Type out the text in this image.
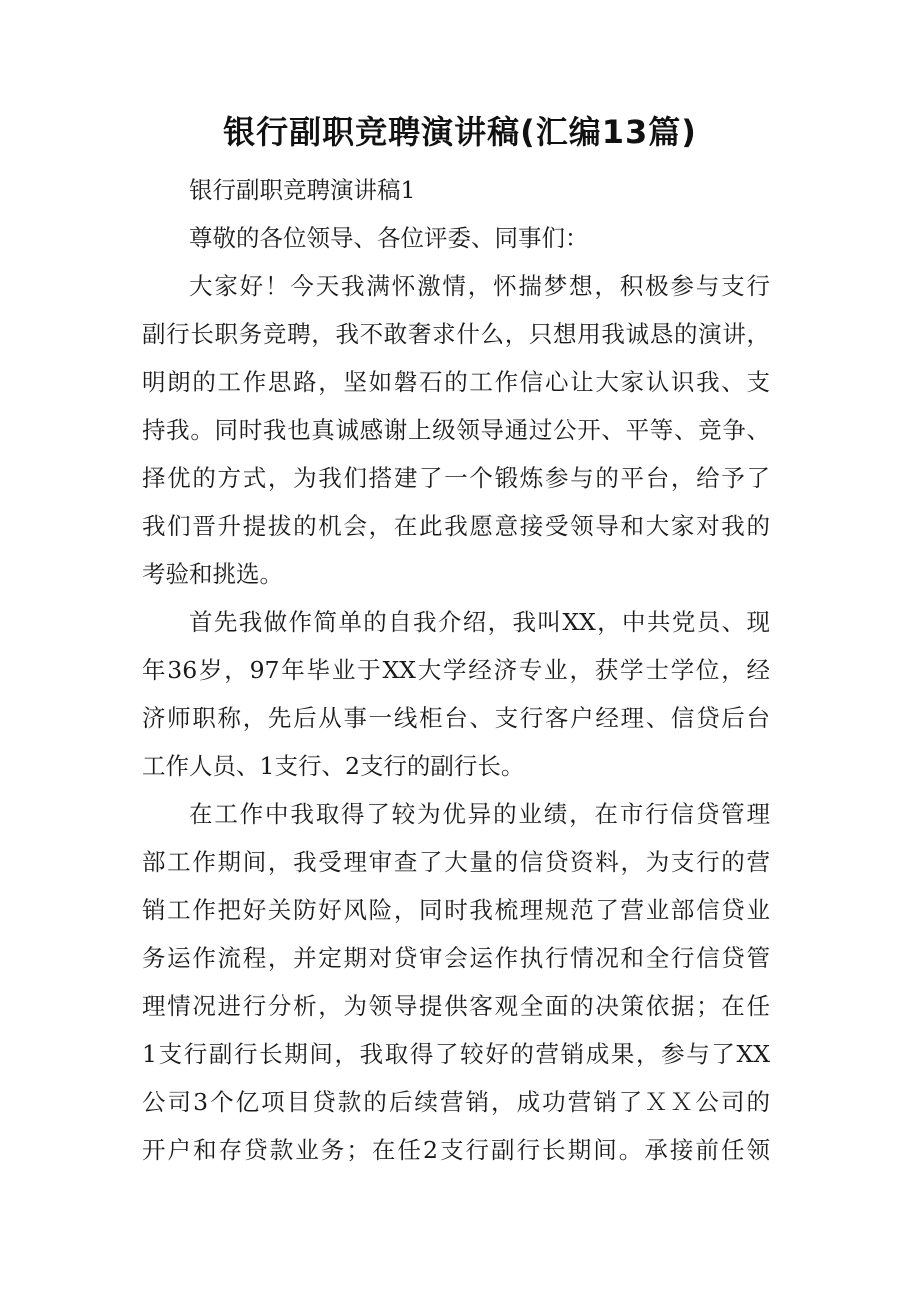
银行副职竞聘演讲稿(汇编13篇)
银行副职竞聘演讲稿1
尊敬的各位领导、各位评委、同事们：
大家好！今天我满怀激情，怀揣梦想，积极参与支行
副行长职务竞聘，我不敢奢求什么，只想用我诚恳的演讲，
明朗的工作思路，坚如磐石的工作信心让大家认识我、支
持我。同时我也真诚感谢上级领导通过公开、平等、竞争、
择优的方式，为我们搭建了一个锻炼参与的平台，给予了
我们晋升提拔的机会，在此我愿意接受领导和大家对我的
考验和挑选。
首先我做作简单的自我介绍，我叫XX，中共党员、现
年36岁，97年毕业于XX大学经济专业，获学士学位，经
济师职称，先后从事一线柜台、支行客户经理、信贷后台
工作人员、1支行、2支行的副行长。
在工作中我取得了较为优异的业绩，在市行信贷管理
部工作期间，我受理审查了大量的信贷资料，为支行的营
销工作把好关防好风险，同时我梳理规范了营业部信贷业
务运作流程，并定期对贷审会运作执行情况和全行信贷管
理情况进行分析，为领导提供客观全面的决策依据；在任
1支行副行长期间，我取得了较好的营销成果，参与了XX
公司3个亿项目贷款的后续营销，成功营销了ＸＸ公司的
开户和存贷款业务；在任2支行副行长期间。承接前任领
